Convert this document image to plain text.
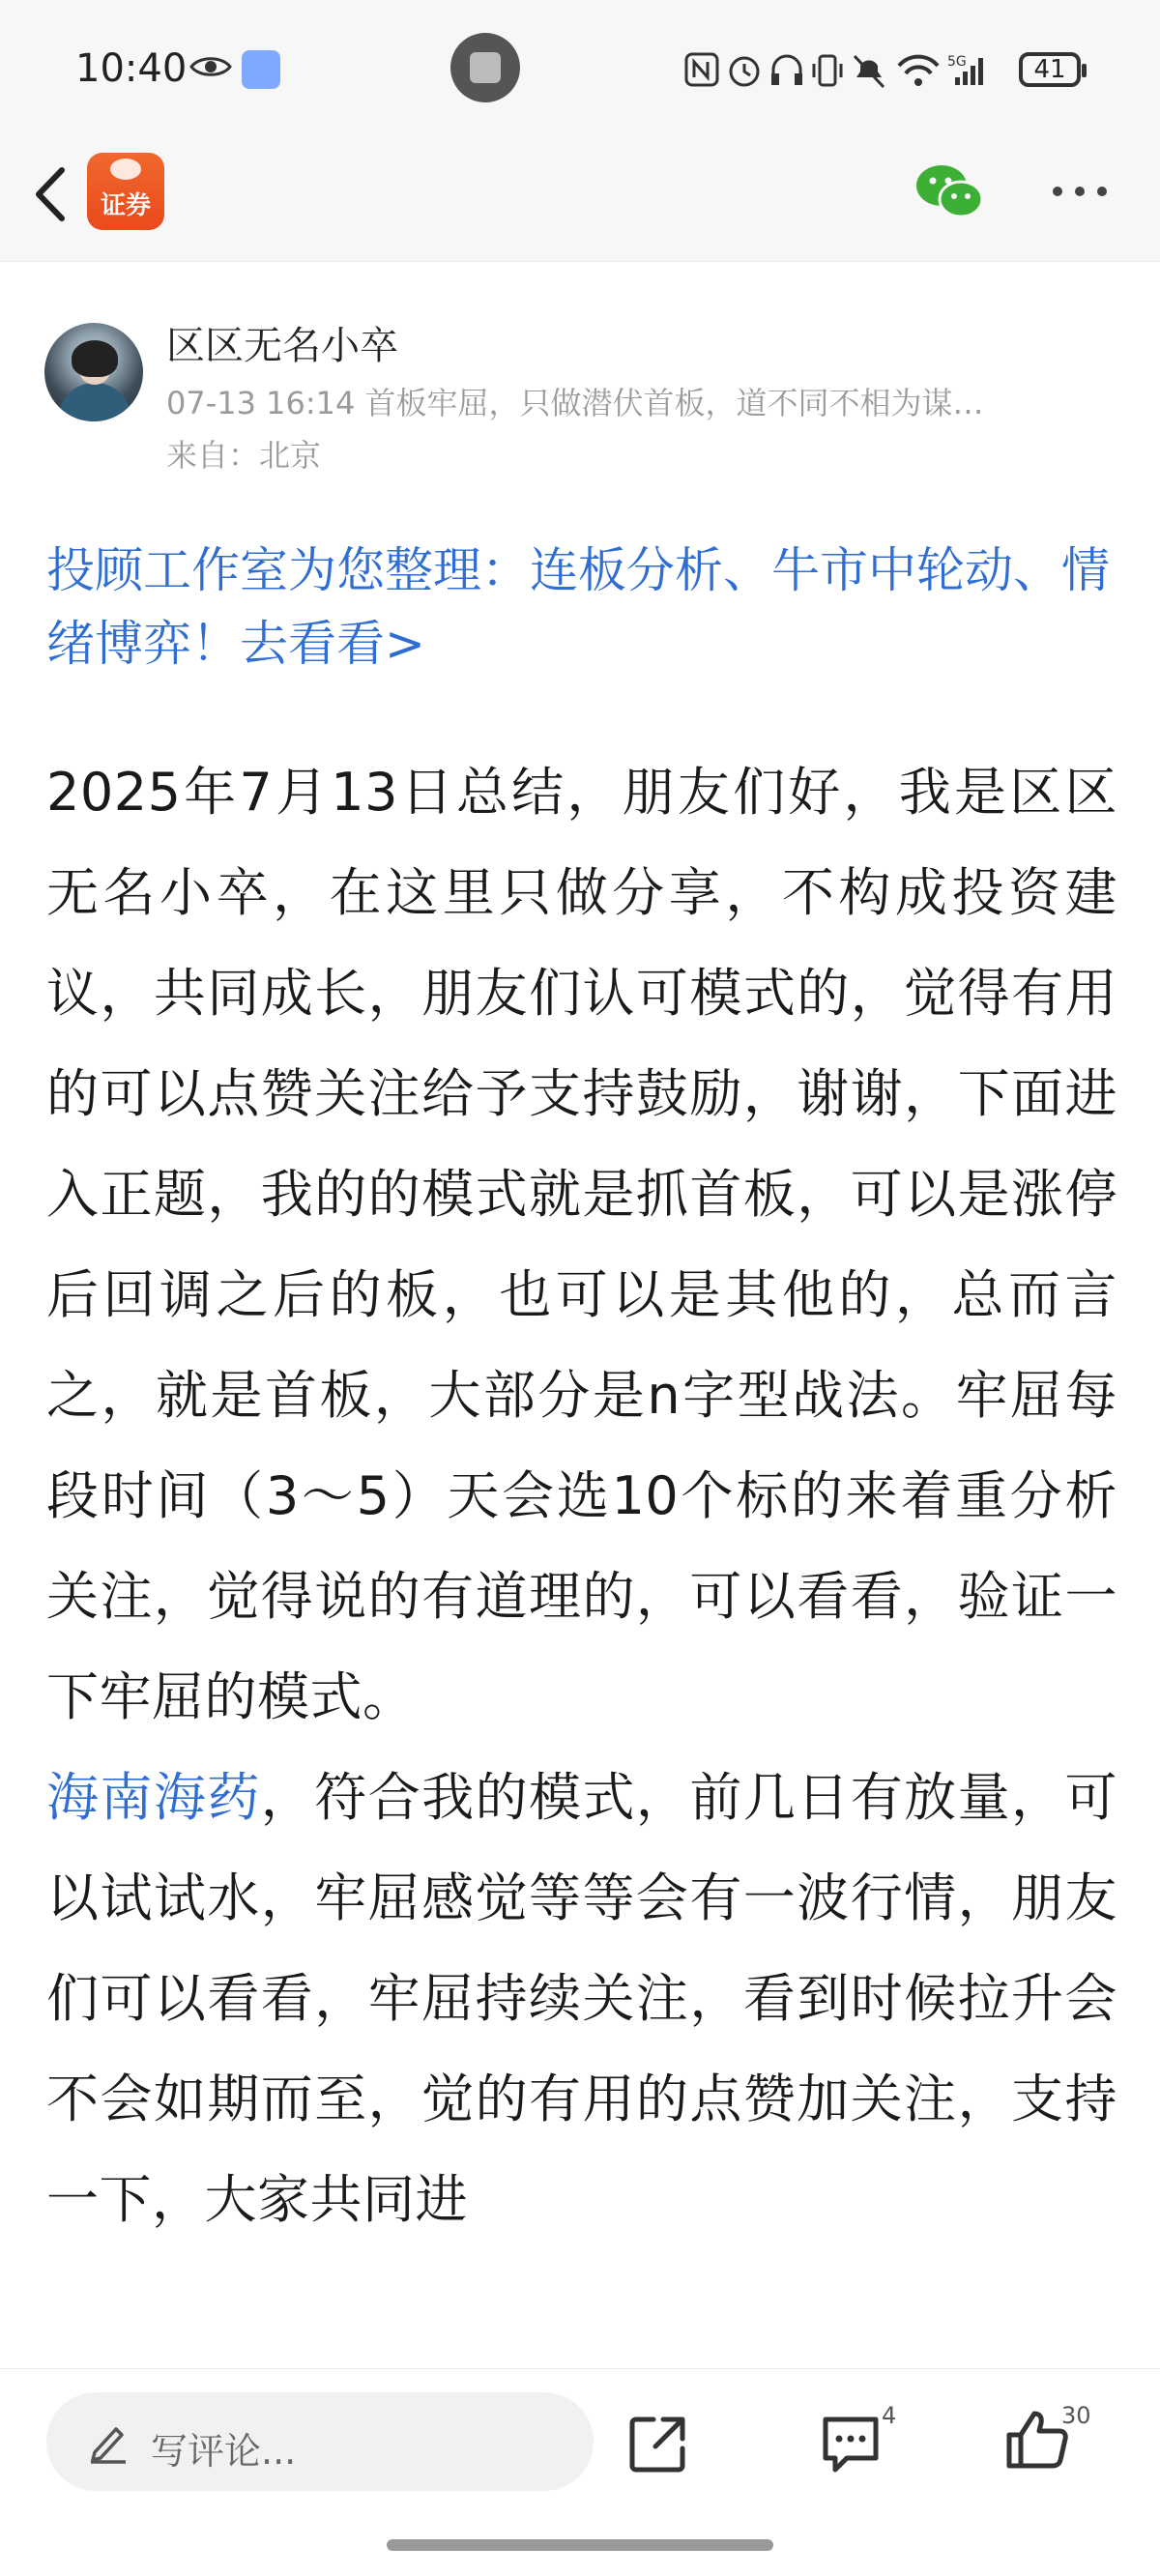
10:40	5G	41
证券
区区无名小卒
07-13 16:14 首板牢屈，只做潜伏首板，道不同不相为谋…
来自：北京
投顾工作室为您整理：连板分析、牛市中轮动、情绪博弈！去看看>

2025年7月13日总结，朋友们好，我是区区无名小卒，在这里只做分享，不构成投资建议，共同成长，朋友们认可模式的，觉得有用的可以点赞关注给予支持鼓励，谢谢，下面进入正题，我的的模式就是抓首板，可以是涨停后回调之后的板，也可以是其他的，总而言之，就是首板，大部分是n字型战法。牢屈每段时间（3～5）天会选10个标的来着重分析关注，觉得说的有道理的，可以看看，验证一下牢屈的模式。

海南海药，符合我的模式，前几日有放量，可以试试水，牢屈感觉等等会有一波行情，朋友们可以看看，牢屈持续关注，看到时候拉升会不会如期而至，觉的有用的点赞加关注，支持一下，大家共同进

写评论...
4	30
